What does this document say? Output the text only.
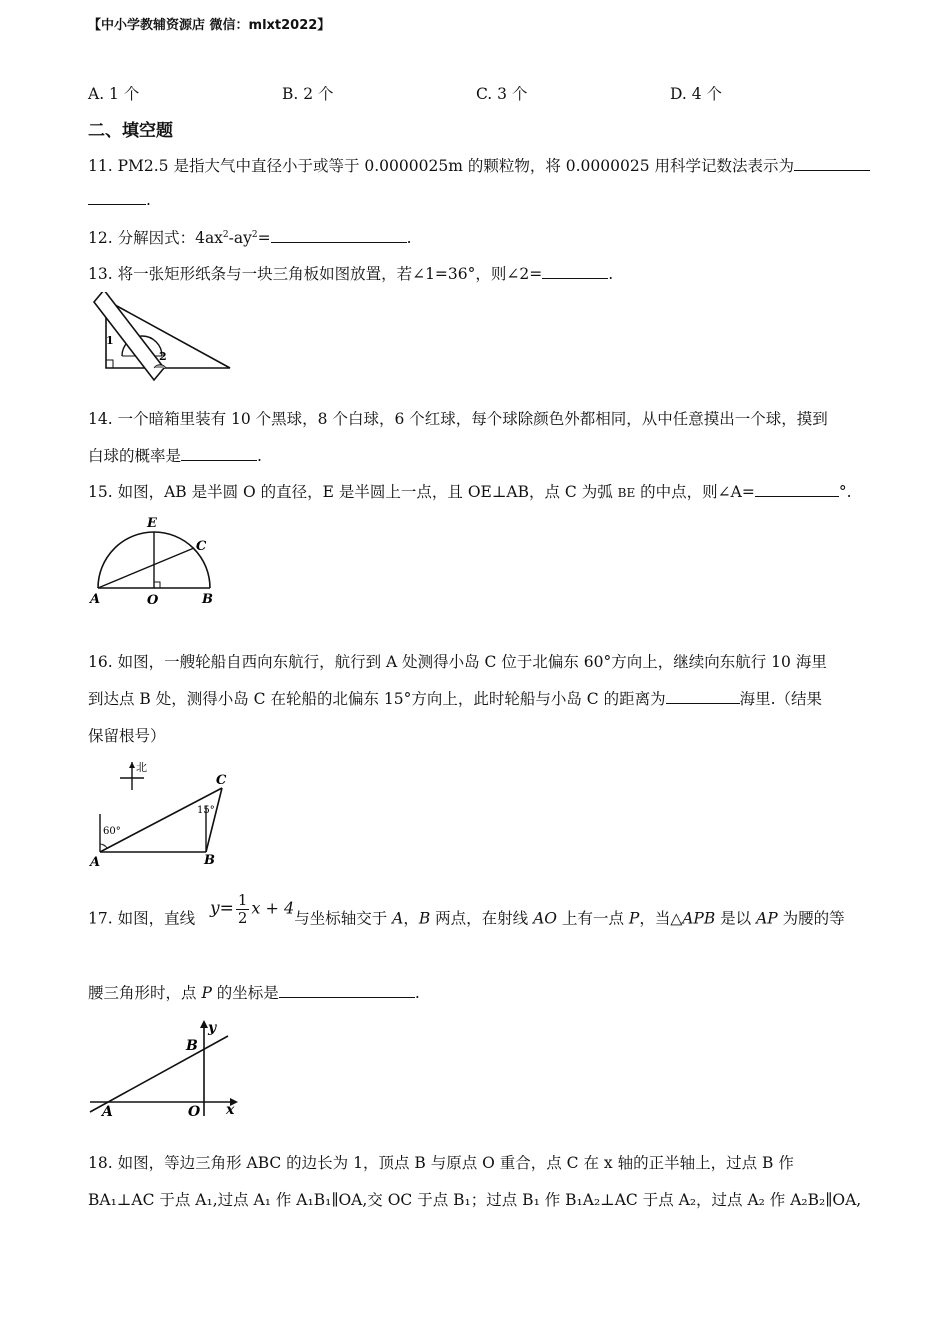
【中小学教辅资源店 微信：mlxt2022】
A. 1 个	B. 2 个	C. 3 个	D. 4 个
二、填空题
11. PM2.5 是指大气中直径小于或等于 0.0000025m 的颗粒物，将 0.0000025 用科学记数法表示为
.
12. 分解因式：$4ax^2-ay^2=$	.
13. 将一张矩形纸条与一块三角板如图放置，若∠1=36°，则∠2=	.
1
2
14. 一个暗箱里装有 10 个黑球，8 个白球，6 个红球，每个球除颜色外都相同，从中任意摸出一个球，摸到
白球的概率是	.
15. 如图，AB 是半圆 O 的直径，E 是半圆上一点，且 OE⊥AB，点 C 为弧 BE 的中点，则∠A=	°.
E
C
A	O	B
16. 如图，一艘轮船自西向东航行，航行到 A 处测得小岛 C 位于北偏东 60°方向上，继续向东航行 10 海里
到达点 B 处，测得小岛 C 在轮船的北偏东 15°方向上，此时轮船与小岛 C 的距离为	海里.（结果
保留根号）
北
C
15°
60°
A	B
17. 如图，直线 $y= \frac{1}{2}$ x + 4与坐标轴交于 A，B 两点，在射线 AO 上有一点 P，当△APB 是以 AP 为腰的等
腰三角形时，点 P 的坐标是	.
y
B
A	O x
18. 如图，等边三角形 ABC 的边长为 1，顶点 B 与原点 O 重合，点 C 在 x 轴的正半轴上，过点 B 作
BA₁⊥AC 于点 A₁,过点 A₁ 作 A₁B₁∥OA,交 OC 于点 B₁；过点 B₁ 作 B₁A₂⊥AC 于点 A₂，过点 A₂ 作 A₂B₂∥OA,
